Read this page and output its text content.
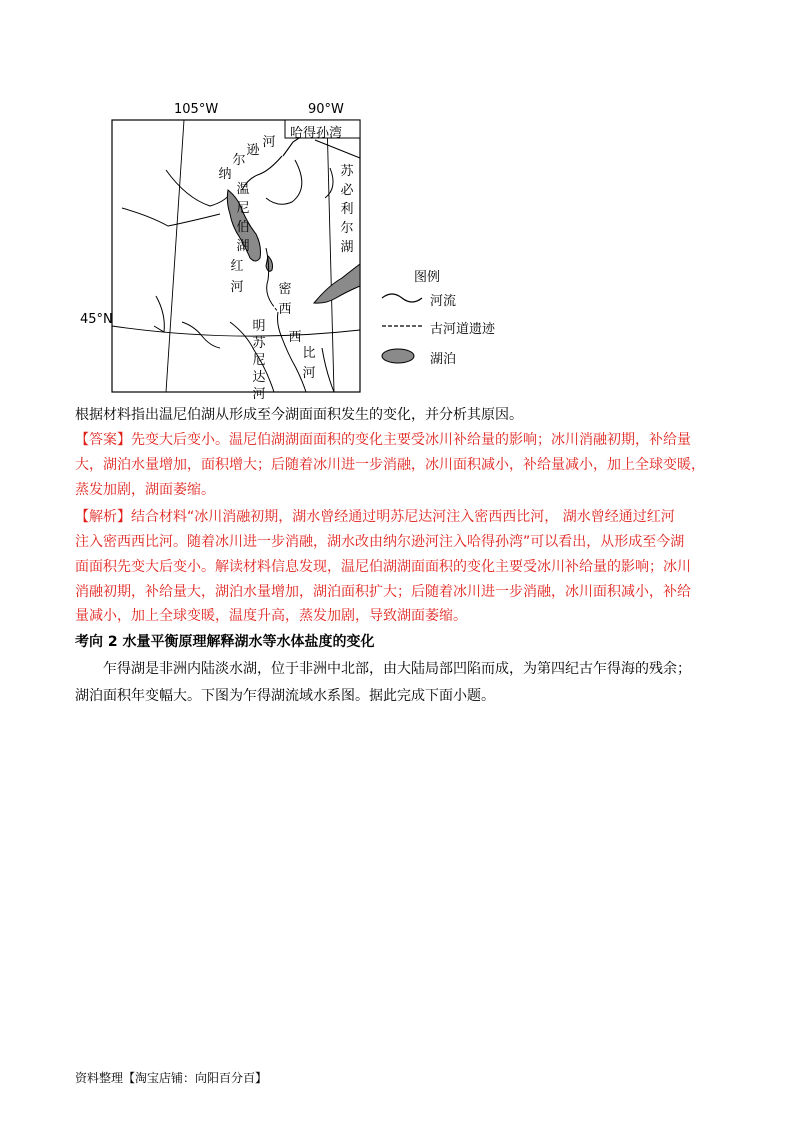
105°W	90°W
45°N
哈得孙湾
河
逊
尔
纳
温
尼
伯
湖
苏
必
利
尔
湖
红
河	密
西
西
比
河
明
苏
尼
达
河
图例
河流
古河道遗迹
湖泊
根据材料指出温尼伯湖从形成至今湖面面积发生的变化，并分析其原因。
【答案】先变大后变小。温尼伯湖湖面面积的变化主要受冰川补给量的影响；冰川消融初期，补给量
大，湖泊水量增加，面积增大；后随着冰川进一步消融，冰川面积减小，补给量减小，加上全球变暖，
蒸发加剧，湖面萎缩。
【解析】结合材料“冰川消融初期，湖水曾经通过明苏尼达河注入密西西比河， 湖水曾经通过红河
注入密西西比河。随着冰川进一步消融，湖水改由纳尔逊河注入哈得孙湾”可以看出，从形成至今湖
面面积先变大后变小。解读材料信息发现，温尼伯湖湖面面积的变化主要受冰川补给量的影响；冰川
消融初期，补给量大，湖泊水量增加，湖泊面积扩大；后随着冰川进一步消融，冰川面积减小，补给
量减小，加上全球变暖，温度升高，蒸发加剧，导致湖面萎缩。
考向 2 水量平衡原理解释湖水等水体盐度的变化
乍得湖是非洲内陆淡水湖，位于非洲中北部，由大陆局部凹陷而成，为第四纪古乍得海的残余；
湖泊面积年变幅大。下图为乍得湖流域水系图。据此完成下面小题。
资料整理【淘宝店铺：向阳百分百】
